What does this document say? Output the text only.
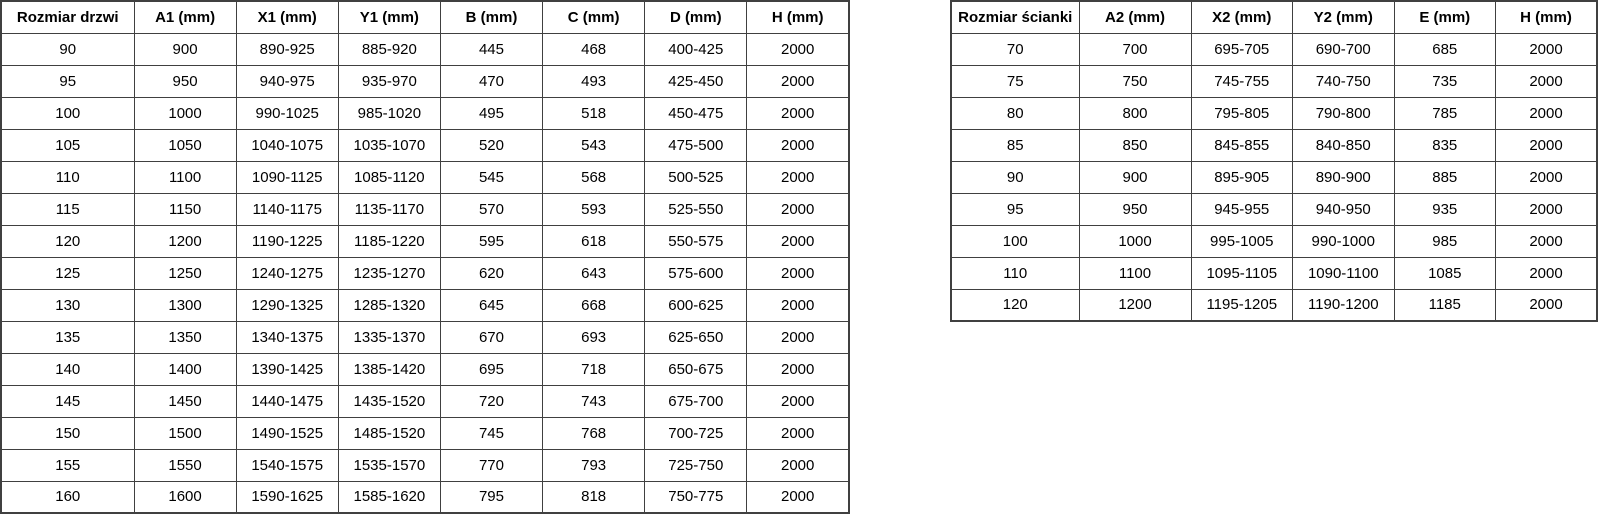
Rozmiar drzwi	A1 (mm)	X1 (mm)	Y1 (mm)	B (mm)	C (mm)	D (mm)	H (mm)
90	900	890-925	885-920	445	468	400-425	2000
95	950	940-975	935-970	470	493	425-450	2000
100	1000	990-1025	985-1020	495	518	450-475	2000
105	1050	1040-1075	1035-1070	520	543	475-500	2000
110	1100	1090-1125	1085-1120	545	568	500-525	2000
115	1150	1140-1175	1135-1170	570	593	525-550	2000
120	1200	1190-1225	1185-1220	595	618	550-575	2000
125	1250	1240-1275	1235-1270	620	643	575-600	2000
130	1300	1290-1325	1285-1320	645	668	600-625	2000
135	1350	1340-1375	1335-1370	670	693	625-650	2000
140	1400	1390-1425	1385-1420	695	718	650-675	2000
145	1450	1440-1475	1435-1520	720	743	675-700	2000
150	1500	1490-1525	1485-1520	745	768	700-725	2000
155	1550	1540-1575	1535-1570	770	793	725-750	2000
160	1600	1590-1625	1585-1620	795	818	750-775	2000
Rozmiar ścianki	A2 (mm)	X2 (mm)	Y2 (mm)	E (mm)	H (mm)
70	700	695-705	690-700	685	2000
75	750	745-755	740-750	735	2000
80	800	795-805	790-800	785	2000
85	850	845-855	840-850	835	2000
90	900	895-905	890-900	885	2000
95	950	945-955	940-950	935	2000
100	1000	995-1005	990-1000	985	2000
110	1100	1095-1105	1090-1100	1085	2000
120	1200	1195-1205	1190-1200	1185	2000
